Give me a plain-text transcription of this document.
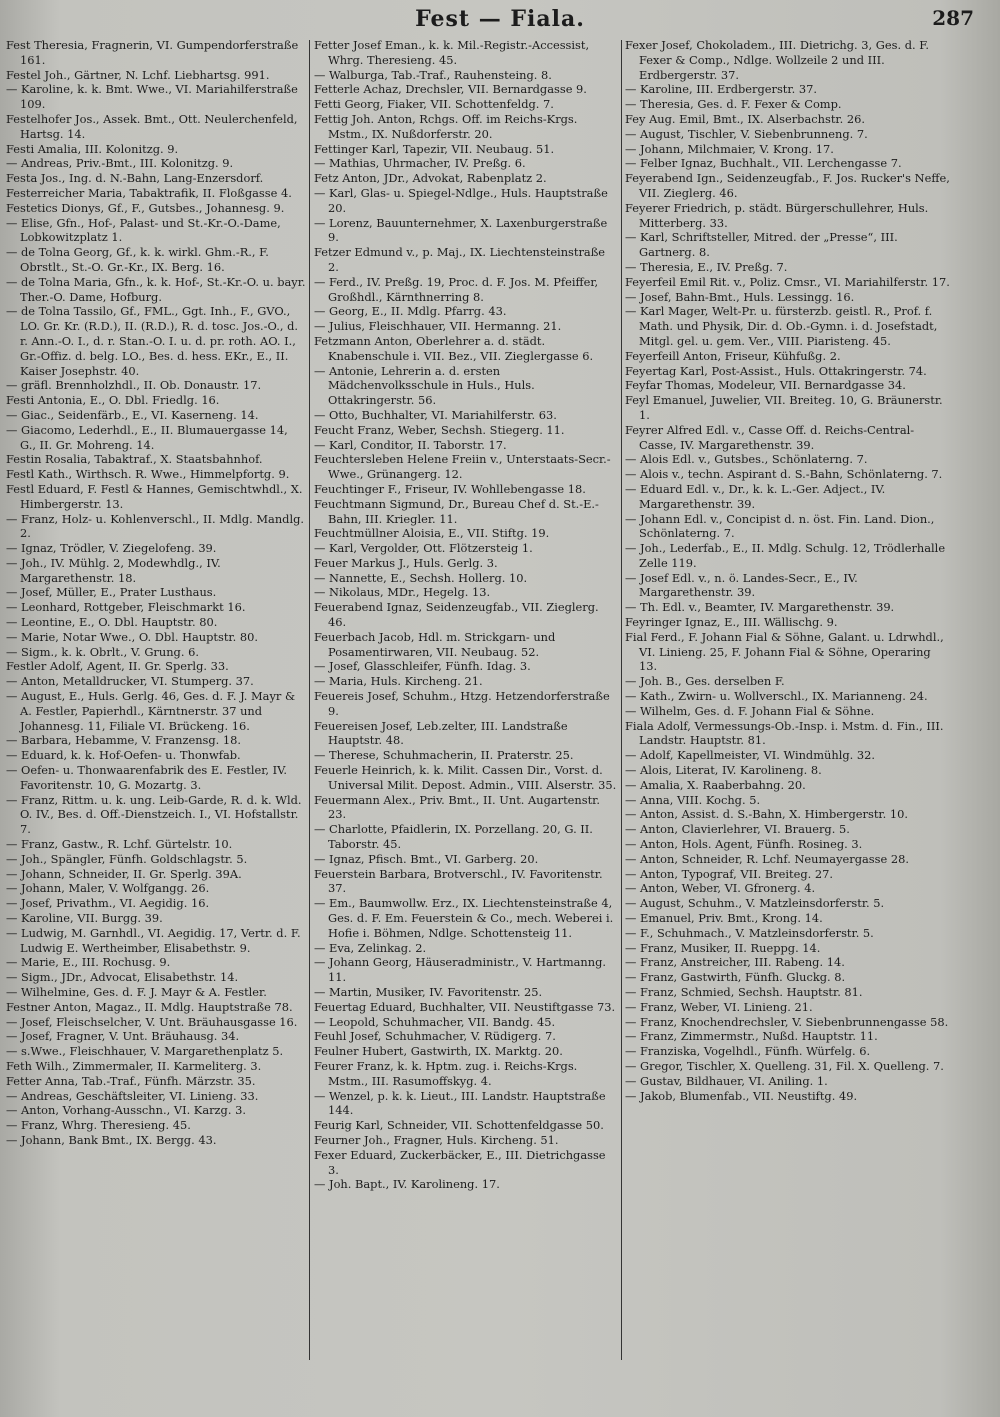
Fest — Fiala.	287
Fest Theresia, Fragnerin, VI. Gumpendorferstraße 161.
Festel Joh., Gärtner, N. Lchf. Liebhartsg. 991.
— Karoline, k. k. Bmt. Wwe., VI. Mariahilferstraße 109.
Festelhofer Jos., Assek. Bmt., Ott. Neulerchenfeld, Hartsg. 14.
Festi Amalia, III. Kolonitzg. 9.
— Andreas, Priv.-Bmt., III. Kolonitzg. 9.
Festa Jos., Ing. d. N.-Bahn, Lang-Enzersdorf.
Festerreicher Maria, Tabaktrafik, II. Floßgasse 4.
Festetics Dionys, Gf., F., Gutsbes., Johannesg. 9.
— Elise, Gfn., Hof-, Palast- und St.-Kr.-O.-Dame, Lobkowitzplatz 1.
— de Tolna Georg, Gf., k. k. wirkl. Ghm.-R., F. Obrstlt., St.-O. Gr.-Kr., IX. Berg. 16.
— de Tolna Maria, Gfn., k. k. Hof-, St.-Kr.-O. u. bayr. Ther.-O. Dame, Hofburg.
— de Tolna Tassilo, Gf., FML., Ggt. Inh., F., GVO., LO. Gr. Kr. (R.D.), II. (R.D.), R. d. tosc. Jos.-O., d. r. Ann.-O. I., d. r. Stan.-O. I. u. d. pr. roth. AO. I., Gr.-Offiz. d. belg. LO., Bes. d. hess. EKr., E., II. Kaiser Josephstr. 40.
— gräfl. Brennholzhdl., II. Ob. Donaustr. 17.
Festi Antonia, E., O. Dbl. Friedlg. 16.
— Giac., Seidenfärb., E., VI. Kaserneng. 14.
— Giacomo, Lederhdl., E., II. Blumauergasse 14, G., II. Gr. Mohreng. 14.
Festin Rosalia, Tabaktraf., X. Staatsbahnhof.
Festl Kath., Wirthsch. R. Wwe., Himmelpfortg. 9.
Festl Eduard, F. Festl & Hannes, Gemischtwhdl., X. Himbergerstr. 13.
— Franz, Holz- u. Kohlenverschl., II. Mdlg. Mandlg. 2.
— Ignaz, Trödler, V. Ziegelofeng. 39.
— Joh., IV. Mühlg. 2, Modewhdlg., IV. Margarethenstr. 18.
— Josef, Müller, E., Prater Lusthaus.
— Leonhard, Rottgeber, Fleischmarkt 16.
— Leontine, E., O. Dbl. Hauptstr. 80.
— Marie, Notar Wwe., O. Dbl. Hauptstr. 80.
— Sigm., k. k. Obrlt., V. Grung. 6.
Festler Adolf, Agent, II. Gr. Sperlg. 33.
— Anton, Metalldrucker, VI. Stumperg. 37.
— August, E., Huls. Gerlg. 46, Ges. d. F. J. Mayr & A. Festler, Papierhdl., Kärntnerstr. 37 und Johannesg. 11, Filiale VI. Brückeng. 16.
— Barbara, Hebamme, V. Franzensg. 18.
— Eduard, k. k. Hof-Oefen- u. Thonwfab.
— Oefen- u. Thonwaarenfabrik des E. Festler, IV. Favoritenstr. 10, G. Mozartg. 3.
— Franz, Rittm. u. k. ung. Leib-Garde, R. d. k. Wld. O. IV., Bes. d. Off.-Dienstzeich. I., VI. Hofstallstr. 7.
— Franz, Gastw., R. Lchf. Gürtelstr. 10.
— Joh., Spängler, Fünfh. Goldschlagstr. 5.
— Johann, Schneider, II. Gr. Sperlg. 39A.
— Johann, Maler, V. Wolfgangg. 26.
— Josef, Privathm., VI. Aegidig. 16.
— Karoline, VII. Burgg. 39.
— Ludwig, M. Garnhdl., VI. Aegidig. 17, Vertr. d. F. Ludwig E. Wertheimber, Elisabethstr. 9.
— Marie, E., III. Rochusg. 9.
— Sigm., JDr., Advocat, Elisabethstr. 14.
— Wilhelmine, Ges. d. F. J. Mayr & A. Festler.
Festner Anton, Magaz., II. Mdlg. Hauptstraße 78.
— Josef, Fleischselcher, V. Unt. Bräuhausgasse 16.
— Josef, Fragner, V. Unt. Bräuhausg. 34.
— s.Wwe., Fleischhauer, V. Margarethenplatz 5.
Feth Wilh., Zimmermaler, II. Karmeliterg. 3.
Fetter Anna, Tab.-Traf., Fünfh. Märzstr. 35.
— Andreas, Geschäftsleiter, VI. Linieng. 33.
— Anton, Vorhang-Ausschn., VI. Karzg. 3.
— Franz, Whrg. Theresieng. 45.
— Johann, Bank Bmt., IX. Bergg. 43.
Fetter Josef Eman., k. k. Mil.-Registr.-Accessist, Whrg. Theresieng. 45.
— Walburga, Tab.-Traf., Rauhensteing. 8.
Fetterle Achaz, Drechsler, VII. Bernardgasse 9.
Fetti Georg, Fiaker, VII. Schottenfeldg. 7.
Fettig Joh. Anton, Rchgs. Off. im Reichs-Krgs. Mstm., IX. Nußdorferstr. 20.
Fettinger Karl, Tapezir, VII. Neubaug. 51.
— Mathias, Uhrmacher, IV. Preßg. 6.
Fetz Anton, JDr., Advokat, Rabenplatz 2.
— Karl, Glas- u. Spiegel-Ndlge., Huls. Hauptstraße 20.
— Lorenz, Bauunternehmer, X. Laxenburgerstraße 9.
Fetzer Edmund v., p. Maj., IX. Liechtensteinstraße 2.
— Ferd., IV. Preßg. 19, Proc. d. F. Jos. M. Pfeiffer, Großhdl., Kärnthnerring 8.
— Georg, E., II. Mdlg. Pfarrg. 43.
— Julius, Fleischhauer, VII. Hermanng. 21.
Fetzmann Anton, Oberlehrer a. d. städt. Knabenschule i. VII. Bez., VII. Zieglergasse 6.
— Antonie, Lehrerin a. d. ersten Mädchenvolksschule in Huls., Huls. Ottakringerstr. 56.
— Otto, Buchhalter, VI. Mariahilferstr. 63.
Feucht Franz, Weber, Sechsh. Stiegerg. 11.
— Karl, Conditor, II. Taborstr. 17.
Feuchtersleben Helene Freiin v., Unterstaats-Secr.-Wwe., Grünangerg. 12.
Feuchtinger F., Friseur, IV. Wohllebengasse 18.
Feuchtmann Sigmund, Dr., Bureau Chef d. St.-E.-Bahn, III. Kriegler. 11.
Feuchtmüllner Aloisia, E., VII. Stiftg. 19.
— Karl, Vergolder, Ott. Flötzersteig 1.
Feuer Markus J., Huls. Gerlg. 3.
— Nannette, E., Sechsh. Hollerg. 10.
— Nikolaus, MDr., Hegelg. 13.
Feuerabend Ignaz, Seidenzeugfab., VII. Zieglerg. 46.
Feuerbach Jacob, Hdl. m. Strickgarn- und Posamentirwaren, VII. Neubaug. 52.
— Josef, Glasschleifer, Fünfh. Idag. 3.
— Maria, Huls. Kircheng. 21.
Feuereis Josef, Schuhm., Htzg. Hetzendorferstraße 9.
Feuereisen Josef, Leb.zelter, III. Landstraße Hauptstr. 48.
— Therese, Schuhmacherin, II. Praterstr. 25.
Feuerle Heinrich, k. k. Milit. Cassen Dir., Vorst. d. Universal Milit. Depost. Admin., VIII. Alserstr. 35.
Feuermann Alex., Priv. Bmt., II. Unt. Augartenstr. 23.
— Charlotte, Pfaidlerin, IX. Porzellang. 20, G. II. Taborstr. 45.
— Ignaz, Pfisch. Bmt., VI. Garberg. 20.
Feuerstein Barbara, Brotverschl., IV. Favoritenstr. 37.
— Em., Baumwollw. Erz., IX. Liechtensteinstraße 4, Ges. d. F. Em. Feuerstein & Co., mech. Weberei i. Hofie i. Böhmen, Ndlge. Schottensteig 11.
— Eva, Zelinkag. 2.
— Johann Georg, Häuseradministr., V. Hartmanng. 11.
— Martin, Musiker, IV. Favoritenstr. 25.
Feuertag Eduard, Buchhalter, VII. Neustiftgasse 73.
— Leopold, Schuhmacher, VII. Bandg. 45.
Feuhl Josef, Schuhmacher, V. Rüdigerg. 7.
Feulner Hubert, Gastwirth, IX. Marktg. 20.
Feurer Franz, k. k. Hptm. zug. i. Reichs-Krgs. Mstm., III. Rasumoffskyg. 4.
— Wenzel, p. k. k. Lieut., III. Landstr. Hauptstraße 144.
Feurig Karl, Schneider, VII. Schottenfeldgasse 50.
Feurner Joh., Fragner, Huls. Kircheng. 51.
Fexer Eduard, Zuckerbäcker, E., III. Dietrichgasse 3.
— Joh. Bapt., IV. Karolineng. 17.
Fexer Josef, Chokoladem., III. Dietrichg. 3, Ges. d. F. Fexer & Comp., Ndlge. Wollzeile 2 und III. Erdbergerstr. 37.
— Karoline, III. Erdbergerstr. 37.
— Theresia, Ges. d. F. Fexer & Comp.
Fey Aug. Emil, Bmt., IX. Alserbachstr. 26.
— August, Tischler, V. Siebenbrunneng. 7.
— Johann, Milchmaier, V. Krong. 17.
— Felber Ignaz, Buchhalt., VII. Lerchengasse 7.
Feyerabend Ign., Seidenzeugfab., F. Jos. Rucker's Neffe, VII. Zieglerg. 46.
Feyerer Friedrich, p. städt. Bürgerschullehrer, Huls. Mitterberg. 33.
— Karl, Schriftsteller, Mitred. der „Presse“, III. Gartnerg. 8.
— Theresia, E., IV. Preßg. 7.
Feyerfeil Emil Rit. v., Poliz. Cmsr., VI. Mariahilferstr. 17.
— Josef, Bahn-Bmt., Huls. Lessingg. 16.
— Karl Mager, Welt-Pr. u. fürsterzb. geistl. R., Prof. f. Math. und Physik, Dir. d. Ob.-Gymn. i. d. Josefstadt, Mitgl. gel. u. gem. Ver., VIII. Piaristeng. 45.
Feyerfeill Anton, Friseur, Kühfußg. 2.
Feyertag Karl, Post-Assist., Huls. Ottakringerstr. 74.
Feyfar Thomas, Modeleur, VII. Bernardgasse 34.
Feyl Emanuel, Juwelier, VII. Breiteg. 10, G. Bräunerstr. 1.
Feyrer Alfred Edl. v., Casse Off. d. Reichs-Central-Casse, IV. Margarethenstr. 39.
— Alois Edl. v., Gutsbes., Schönlaterng. 7.
— Alois v., techn. Aspirant d. S.-Bahn, Schönlaterng. 7.
— Eduard Edl. v., Dr., k. k. L.-Ger. Adject., IV. Margarethenstr. 39.
— Johann Edl. v., Concipist d. n. öst. Fin. Land. Dion., Schönlaterng. 7.
— Joh., Lederfab., E., II. Mdlg. Schulg. 12, Trödlerhalle Zelle 119.
— Josef Edl. v., n. ö. Landes-Secr., E., IV. Margarethenstr. 39.
— Th. Edl. v., Beamter, IV. Margarethenstr. 39.
Feyringer Ignaz, E., III. Wällischg. 9.
Fial Ferd., F. Johann Fial & Söhne, Galant. u. Ldrwhdl., VI. Linieng. 25, F. Johann Fial & Söhne, Operaring 13.
— Joh. B., Ges. derselben F.
— Kath., Zwirn- u. Wollverschl., IX. Marianneng. 24.
— Wilhelm, Ges. d. F. Johann Fial & Söhne.
Fiala Adolf, Vermessungs-Ob.-Insp. i. Mstm. d. Fin., III. Landstr. Hauptstr. 81.
— Adolf, Kapellmeister, VI. Windmühlg. 32.
— Alois, Literat, IV. Karolineng. 8.
— Amalia, X. Raaberbahng. 20.
— Anna, VIII. Kochg. 5.
— Anton, Assist. d. S.-Bahn, X. Himbergerstr. 10.
— Anton, Clavierlehrer, VI. Brauerg. 5.
— Anton, Hols. Agent, Fünfh. Rosineg. 3.
— Anton, Schneider, R. Lchf. Neumayergasse 28.
— Anton, Typograf, VII. Breiteg. 27.
— Anton, Weber, VI. Gfronerg. 4.
— August, Schuhm., V. Matzleinsdorferstr. 5.
— Emanuel, Priv. Bmt., Krong. 14.
— F., Schuhmach., V. Matzleinsdorferstr. 5.
— Franz, Musiker, II. Rueppg. 14.
— Franz, Anstreicher, III. Rabeng. 14.
— Franz, Gastwirth, Fünfh. Gluckg. 8.
— Franz, Schmied, Sechsh. Hauptstr. 81.
— Franz, Weber, VI. Linieng. 21.
— Franz, Knochendrechsler, V. Siebenbrunnengasse 58.
— Franz, Zimmermstr., Nußd. Hauptstr. 11.
— Franziska, Vogelhdl., Fünfh. Würfelg. 6.
— Gregor, Tischler, X. Quelleng. 31, Fil. X. Quelleng. 7.
— Gustav, Bildhauer, VI. Aniling. 1.
— Jakob, Blumenfab., VII. Neustiftg. 49.
